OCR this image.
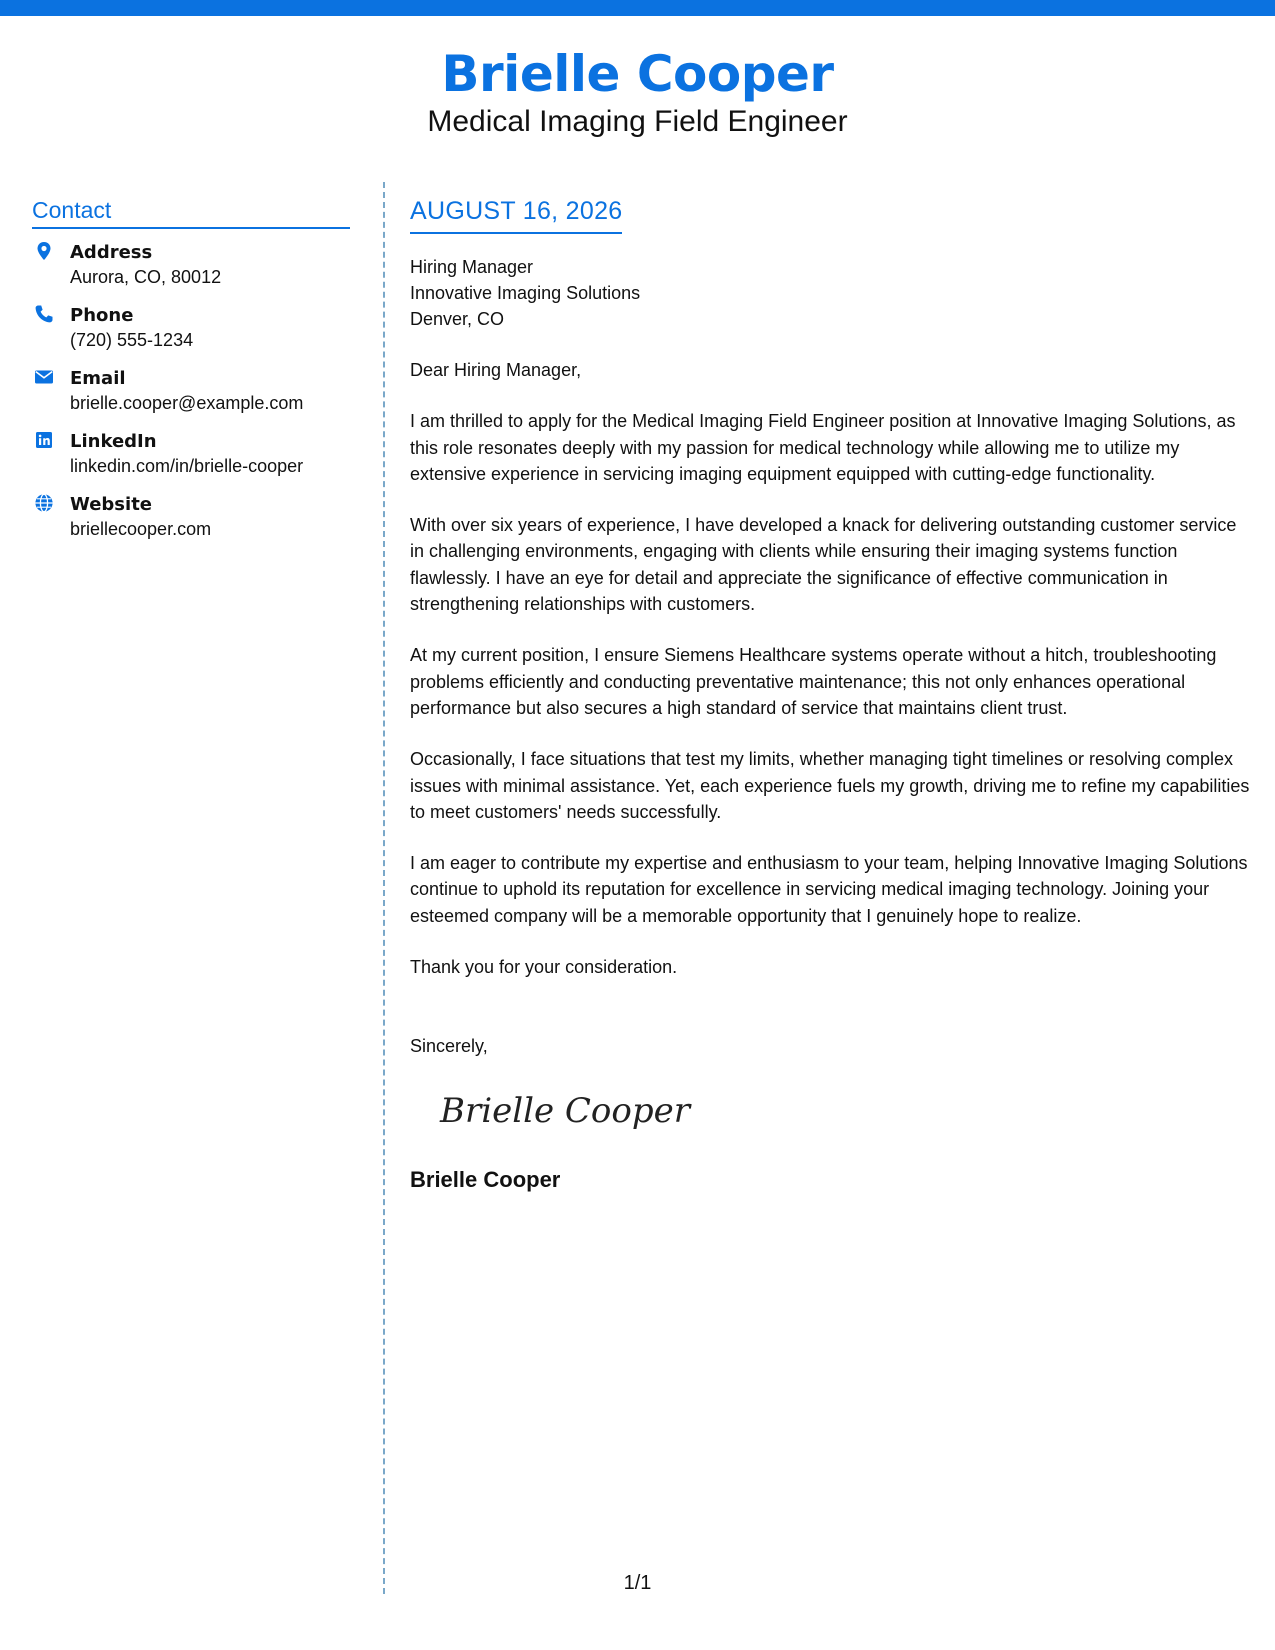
Brielle Cooper
Medical Imaging Field Engineer
Contact
Address
Aurora, CO, 80012
Phone
(720) 555-1234
Email
brielle.cooper@example.com
LinkedIn
linkedin.com/in/brielle-cooper
Website
briellecooper.com
AUGUST 16, 2026
Hiring Manager
Innovative Imaging Solutions
Denver, CO

Dear Hiring Manager,

I am thrilled to apply for the Medical Imaging Field Engineer position at Innovative Imaging Solutions, as this role resonates deeply with my passion for medical technology while allowing me to utilize my extensive experience in servicing imaging equipment equipped with cutting-edge functionality.

With over six years of experience, I have developed a knack for delivering outstanding customer service in challenging environments, engaging with clients while ensuring their imaging systems function flawlessly. I have an eye for detail and appreciate the significance of effective communication in strengthening relationships with customers.

At my current position, I ensure Siemens Healthcare systems operate without a hitch, troubleshooting problems efficiently and conducting preventative maintenance; this not only enhances operational performance but also secures a high standard of service that maintains client trust.

Occasionally, I face situations that test my limits, whether managing tight timelines or resolving complex issues with minimal assistance. Yet, each experience fuels my growth, driving me to refine my capabilities to meet customers' needs successfully.

I am eager to contribute my expertise and enthusiasm to your team, helping Innovative Imaging Solutions continue to uphold its reputation for excellence in servicing medical imaging technology. Joining your esteemed company will be a memorable opportunity that I genuinely hope to realize.

Thank you for your consideration.

Sincerely,

Brielle Cooper
Brielle Cooper
1/1
